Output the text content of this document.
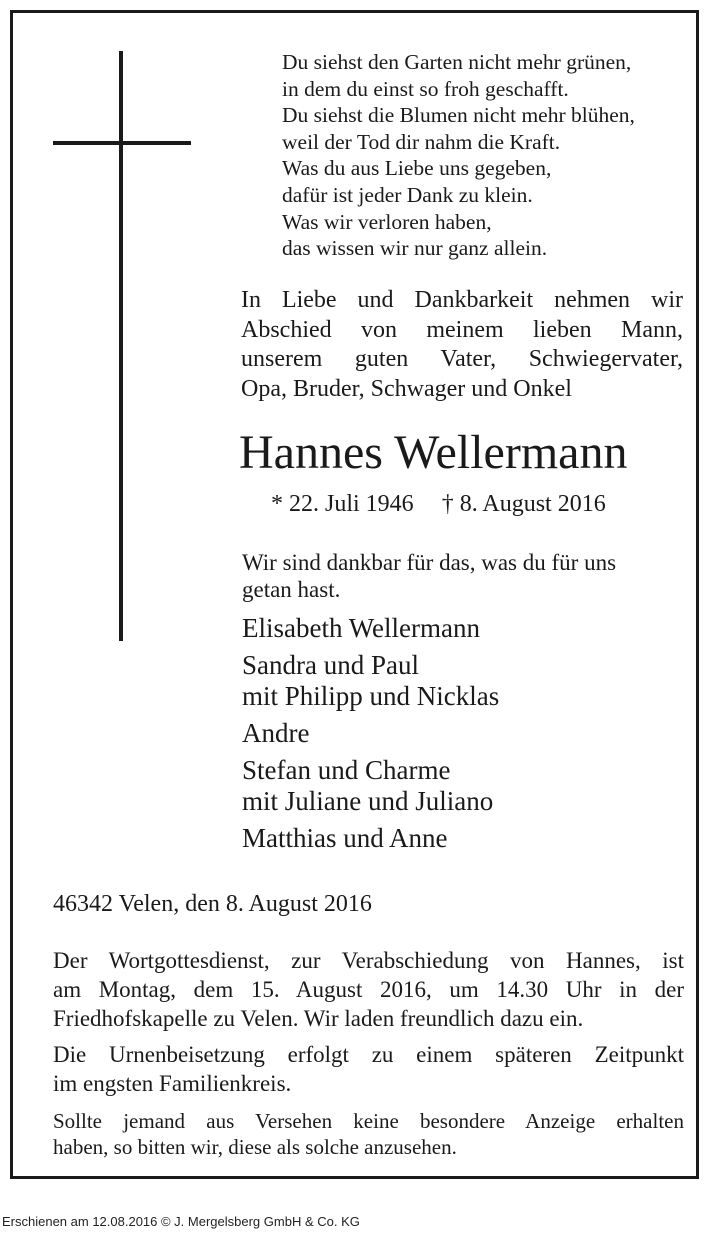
Du siehst den Garten nicht mehr grünen,
in dem du einst so froh geschafft.
Du siehst die Blumen nicht mehr blühen,
weil der Tod dir nahm die Kraft.
Was du aus Liebe uns gegeben,
dafür ist jeder Dank zu klein.
Was wir verloren haben,
das wissen wir nur ganz allein.
In Liebe und Dankbarkeit nehmen wir
Abschied von meinem lieben Mann,
unserem guten Vater, Schwiegervater,
Opa, Bruder, Schwager und Onkel
Hannes Wellermann
* 22. Juli 1946 † 8. August 2016
Wir sind dankbar für das, was du für uns
getan hast.
Elisabeth Wellermann
Sandra und Paul
mit Philipp und Nicklas
Andre
Stefan und Charme
mit Juliane und Juliano
Matthias und Anne
46342 Velen, den 8. August 2016
Der Wortgottesdienst, zur Verabschiedung von Hannes, ist
am Montag, dem 15. August 2016, um 14.30 Uhr in der
Friedhofskapelle zu Velen. Wir laden freundlich dazu ein.
Die Urnenbeisetzung erfolgt zu einem späteren Zeitpunkt
im engsten Familienkreis.
Sollte jemand aus Versehen keine besondere Anzeige erhalten
haben, so bitten wir, diese als solche anzusehen.
Erschienen am 12.08.2016 © J. Mergelsberg GmbH & Co. KG
